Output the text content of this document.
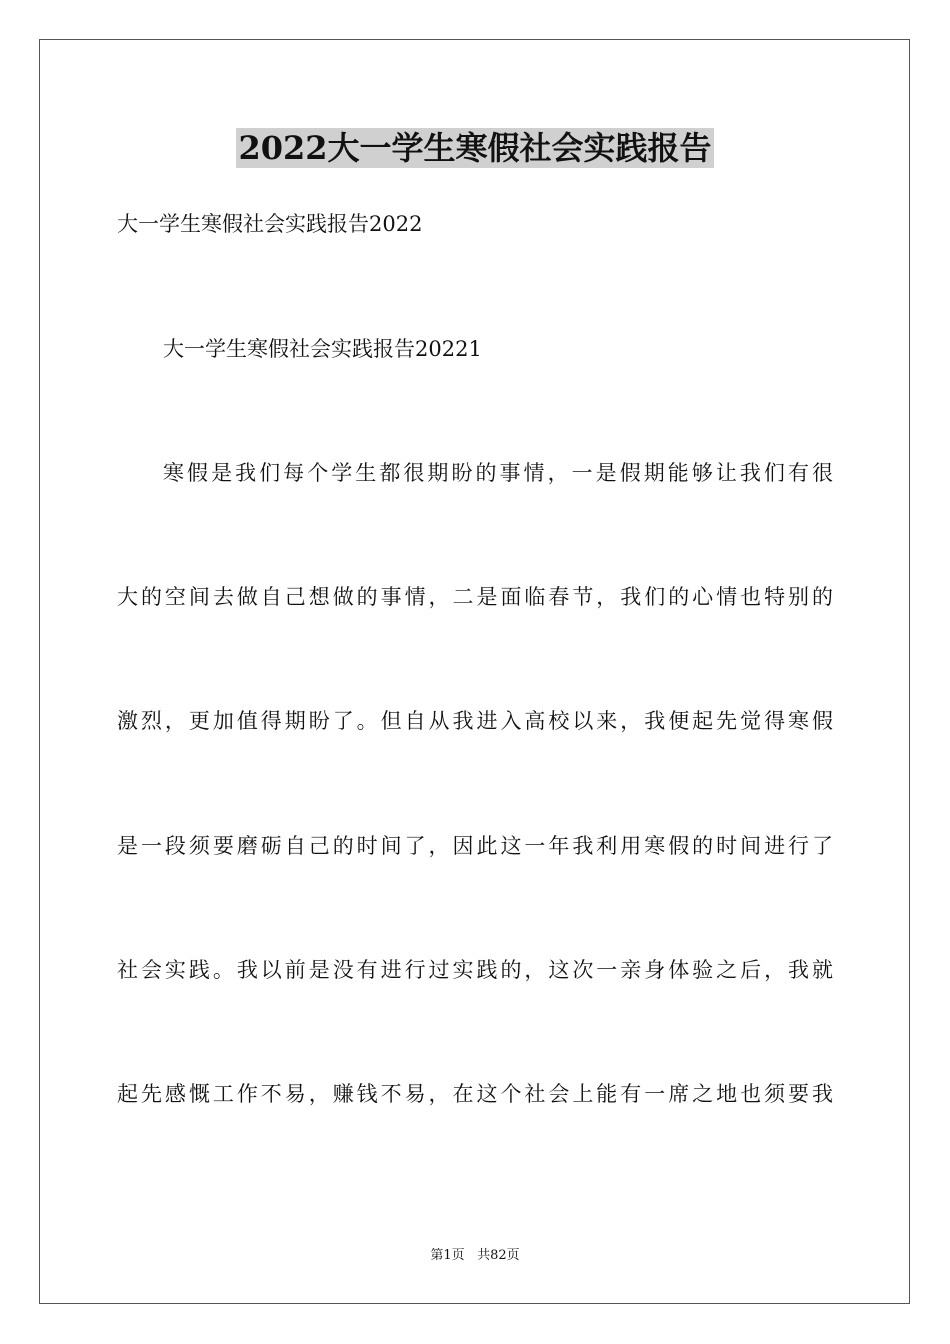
2022大一学生寒假社会实践报告

大一学生寒假社会实践报告2022

大一学生寒假社会实践报告20221

寒假是我们每个学生都很期盼的事情，一是假期能够让我们有很

大的空间去做自己想做的事情，二是面临春节，我们的心情也特别的

激烈，更加值得期盼了。但自从我进入高校以来，我便起先觉得寒假

是一段须要磨砺自己的时间了，因此这一年我利用寒假的时间进行了

社会实践。我以前是没有进行过实践的，这次一亲身体验之后，我就

起先感慨工作不易，赚钱不易，在这个社会上能有一席之地也须要我

第1页 共82页
